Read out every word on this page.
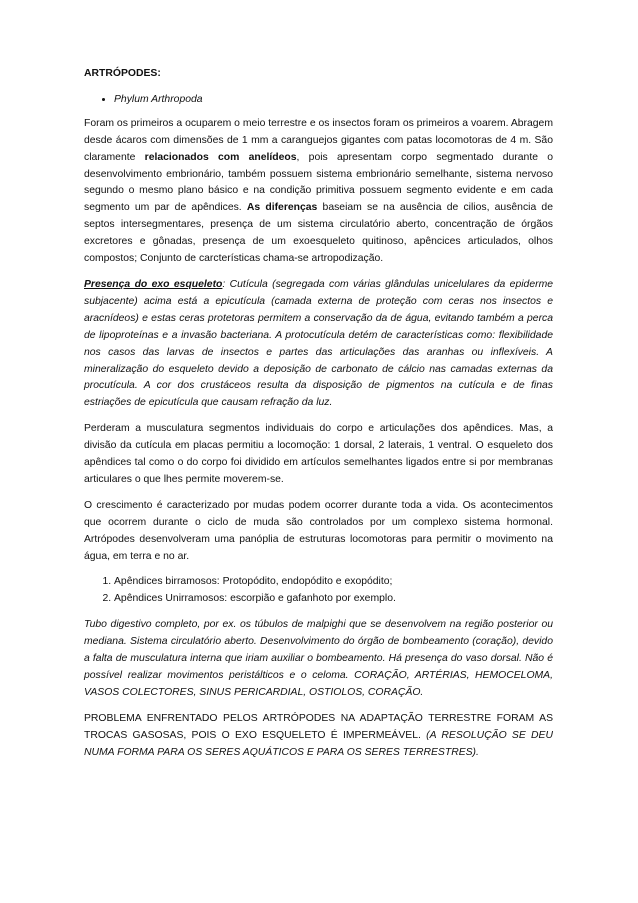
ARTRÓPODES:
• Phylum Arthropoda

Foram os primeiros a ocuparem o meio terrestre e os insectos foram os primeiros a voarem. Abragem desde ácaros com dimensões de 1 mm a caranguejos gigantes com patas locomotoras de 4 m. São claramente relacionados com anelídeos, pois apresentam corpo segmentado durante o desenvolvimento embrionário, também possuem sistema embrionário semelhante, sistema nervoso segundo o mesmo plano básico e na condição primitiva possuem segmento evidente e em cada segmento um par de apêndices. As diferenças baseiam se na ausência de cilios, ausência de septos intersegmentares, presença de um sistema circulatório aberto, concentração de órgãos excretores e gônadas, presença de um exoesqueleto quitinoso, apêncices articulados, olhos compostos; Conjunto de carcterísticas chama-se artropodização.

Presença do exo esqueleto: Cutícula (segregada com várias glândulas unicelulares da epiderme subjacente) acima está a epicutícula (camada externa de proteção com ceras nos insectos e aracnídeos) e estas ceras protetoras permitem a conservação da de água, evitando também a perca de lipoproteínas e a invasão bacteriana. A protocutícula detém de características como: flexibilidade nos casos das larvas de insectos e partes das articulações das aranhas ou inflexíveis. A mineralização do esqueleto devido a deposição de carbonato de cálcio nas camadas externas da procutícula. A cor dos crustáceos resulta da disposição de pigmentos na cutícula e de finas estriações de epicutícula que causam refração da luz.

Perderam a musculatura segmentos individuais do corpo e articulações dos apêndices. Mas, a divisão da cutícula em placas permitiu a locomoção: 1 dorsal, 2 laterais, 1 ventral. O esqueleto dos apêndices tal como o do corpo foi dividido em artículos semelhantes ligados entre si por membranas articulares o que lhes permite moverem-se.

O crescimento é caracterizado por mudas podem ocorrer durante toda a vida. Os acontecimentos que ocorrem durante o ciclo de muda são controlados por um complexo sistema hormonal. Artrópodes desenvolveram uma panóplia de estruturas locomotoras para permitir o movimento na água, em terra e no ar.

1. Apêndices birramosos: Protopódito, endopódito e exopódito;
2. Apêndices Unirramosos: escorpião e gafanhoto por exemplo.

Tubo digestivo completo, por ex. os túbulos de malpighi que se desenvolvem na região posterior ou mediana. Sistema circulatório aberto. Desenvolvimento do órgão de bombeamento (coração), devido a falta de musculatura interna que iriam auxiliar o bombeamento. Há presença do vaso dorsal. Não é possível realizar movimentos peristálticos e o celoma. CORAÇÃO, ARTÉRIAS, HEMOCELOMA, VASOS COLECTORES, SINUS PERICARDIAL, OSTIOLOS, CORAÇÃO.

PROBLEMA ENFRENTADO PELOS ARTRÓPODES NA ADAPTAÇÃO TERRESTRE FORAM AS TROCAS GASOSAS, POIS O EXO ESQUELETO É IMPERMEÁVEL. (A RESOLUÇÃO SE DEU NUMA FORMA PARA OS SERES AQUÁTICOS E PARA OS SERES TERRESTRES).
